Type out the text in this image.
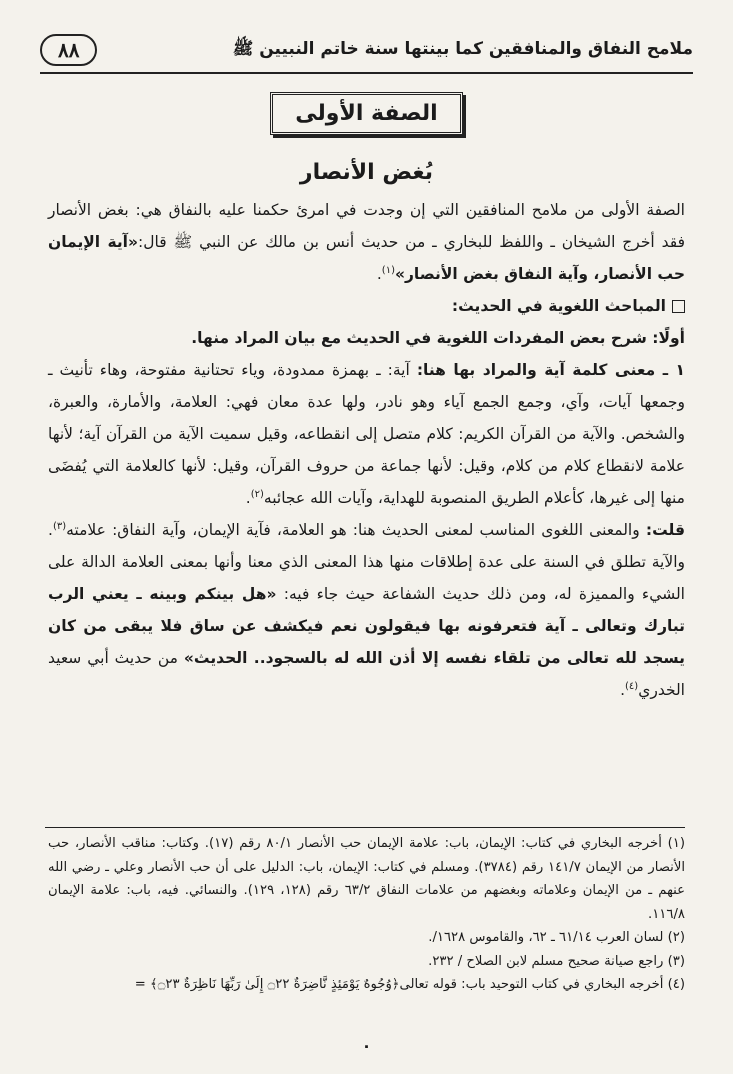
ملامح النفاق والمنافقين كما بينتها سنة خاتم النبيين ﷺ
٨٨
الصفة الأولى
بُغض الأنصار

الصفة الأولى من ملامح المنافقين التي إن وجدت في امرئ حكمنا عليه بالنفاق هي: بغض الأنصار فقد أخرج الشيخان ـ واللفظ للبخاري ـ من حديث أنس بن مالك عن النبي ﷺ قال:«آية الإيمان حب الأنصار، وآية النفاق بغض الأنصار»$^{(١)}$.

المباحث اللغوية في الحديث:

أولًا: شرح بعض المفردات اللغوية في الحديث مع بيان المراد منها.

١ ـ معنى كلمة آية والمراد بها هنا: آية: ـ بهمزة ممدودة، وياء تحتانية مفتوحة، وهاء تأنيث ـ وجمعها آيات، وآي، وجمع الجمع آياء وهو نادر، ولها عدة معان فهي: العلامة، والأمارة، والعبرة، والشخص. والآية من القرآن الكريم: كلام متصل إلى انقطاعه، وقيل سميت الآية من القرآن آية؛ لأنها علامة لانقطاع كلام من كلام، وقيل: لأنها جماعة من حروف القرآن، وقيل: لأنها كالعلامة التي يُفضَى منها إلى غيرها، كأعلام الطريق المنصوبة للهداية، وآيات الله عجائبه$^{(٢)}$.

قلت: والمعنى اللغوى المناسب لمعنى الحديث هنا: هو العلامة، فآية الإيمان، وآية النفاق: علامته$^{(٣)}$. والآية تطلق في السنة على عدة إطلاقات منها هذا المعنى الذي معنا وأنها بمعنى العلامة الدالة على الشيء والمميزة له، ومن ذلك حديث الشفاعة حيث جاء فيه: «هل بينكم وبينه ـ يعني الرب تبارك وتعالى ـ آية فتعرفونه بها فيقولون نعم فيكشف عن ساق فلا يبقى من كان يسجد لله تعالى من تلقاء نفسه إلا أذن الله له بالسجود.. الحديث» من حديث أبي سعيد الخدري$^{(٤)}$.

(١) أخرجه البخاري في كتاب: الإيمان، باب: علامة الإيمان حب الأنصار ٨٠/١ رقم (١٧). وكتاب: مناقب الأنصار، حب الأنصار من الإيمان ١٤١/٧ رقم (٣٧٨٤). ومسلم في كتاب: الإيمان، باب: الدليل على أن حب الأنصار وعلي ـ رضي الله عنهم ـ من الإيمان وعلاماته وبغضهم من علامات النفاق ٦٣/٢ رقم (١٢٨، ١٢٩). والنسائي. فيه، باب: علامة الإيمان ١١٦/٨.

(٢) لسان العرب ٦١/١٤ ـ ٦٢، والقاموس ١٦٢٨/.

(٣) راجع صيانة صحيح مسلم لابن الصلاح / ٢٣٢.

(٤) أخرجه البخاري في كتاب التوحيد باب: قوله تعالى﴿وُجُوهٌ يَوْمَئِذٍ نَّاضِرَةٌ ۝٢٢ إِلَىٰ رَبِّهَا نَاظِرَةٌ ۝٢٣﴾ =

٠
